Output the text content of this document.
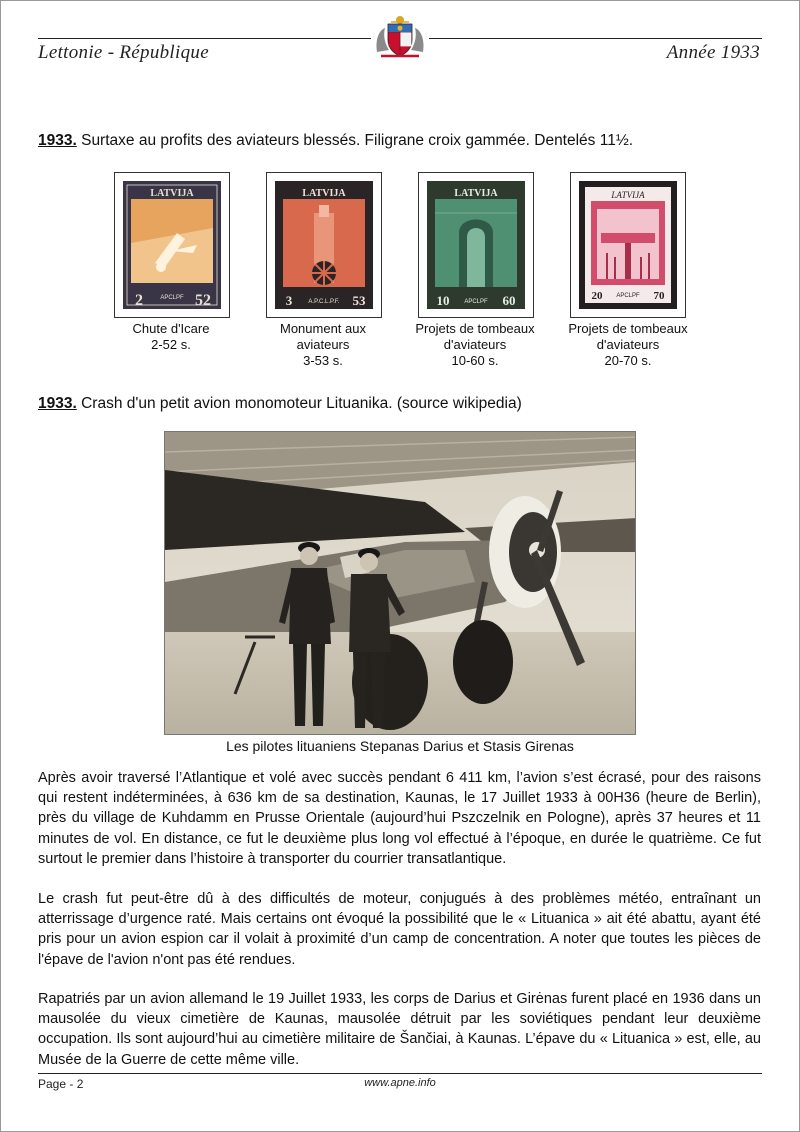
Lettonie - République	Année 1933
1933. Surtaxe au profits des aviateurs blessés. Filigrane croix gammée. Dentelés 11½.
LATVIJA
2	52
APCLPF
Chute d'Icare
2-52 s.
LATVIJA
3	53
A.P.C.L.P.F.
Monument aux
aviateurs
3-53 s.
LATVIJA
10	60
APCLPF
Projets de tombeaux
d'aviateurs
10-60 s.
LATVIJA
20	70
APCLPF
Projets de tombeaux
d'aviateurs
20-70 s.
1933. Crash d'un petit avion monomoteur Lituanika. (source wikipedia)
Les pilotes lituaniens Stepanas Darius et Stasis Girenas
Après avoir traversé l’Atlantique et volé avec succès pendant 6 411 km, l’avion s’est écrasé, pour des raisons qui restent indéterminées, à 636 km de sa destination, Kaunas, le 17 Juillet 1933 à 00H36 (heure de Berlin), près du village de Kuhdamm en Prusse Orientale (aujourd’hui Pszczelnik en Pologne), après 37 heures et 11 minutes de vol. En distance, ce fut le deuxième plus long vol effectué à l’époque, en durée le quatrième. Ce fut surtout le premier dans l’histoire à transporter du courrier transatlantique.
Le crash fut peut-être dû à des difficultés de moteur, conjugués à des problèmes météo, entraînant un atterrissage d’urgence raté. Mais certains ont évoqué la possibilité que le « Lituanica » ait été abattu, ayant été pris pour un avion espion car il volait à proximité d’un camp de concentration. A noter que toutes les pièces de l'épave de l'avion n'ont pas été rendues.
Rapatriés par un avion allemand le 19 Juillet 1933, les corps de Darius et Girėnas furent placé en 1936 dans un mausolée du vieux cimetière de Kaunas, mausolée détruit par les soviétiques pendant leur deuxième occupation. Ils sont aujourd’hui au cimetière militaire de Šančiai, à Kaunas. L’épave du « Lituanica » est, elle, au Musée de la Guerre de cette même ville.
Page - 2	www.apne.info
